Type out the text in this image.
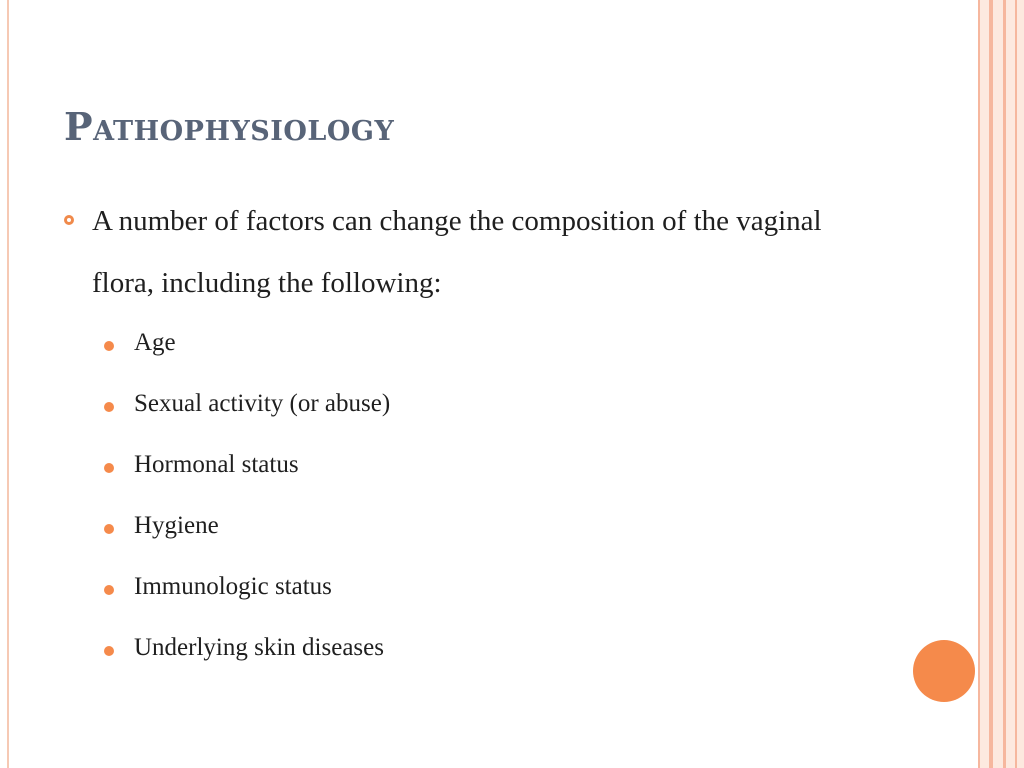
Pathophysiology
A number of factors can change the composition of the vaginal flora, including the following:
Age
Sexual activity (or abuse)
Hormonal status
Hygiene
Immunologic status
Underlying skin diseases
